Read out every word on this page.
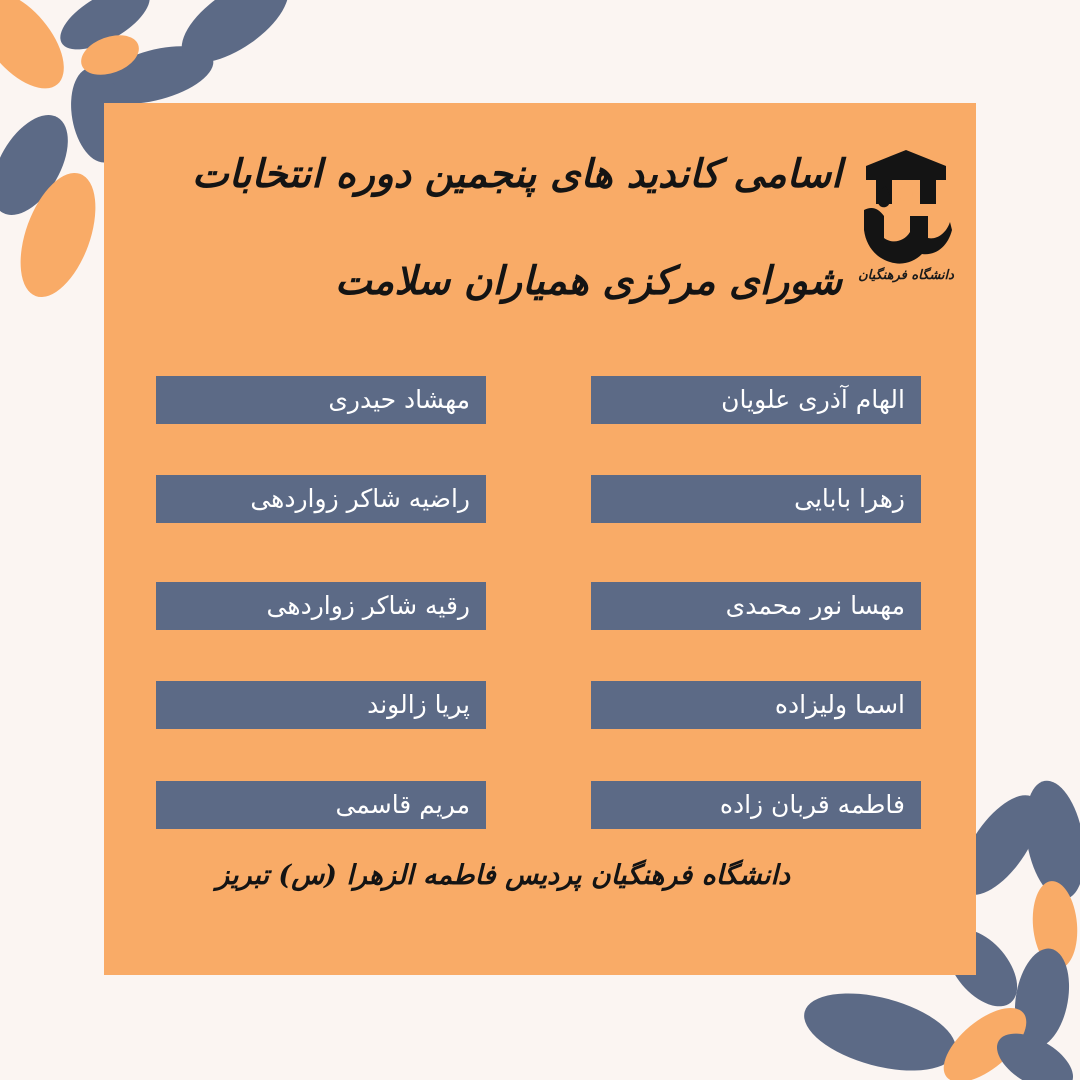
اسامی کاندید های پنجمین دوره انتخابات
شورای مرکزی همیاران سلامت	دانشگاه فرهنگیان
الهام آذری علویان
زهرا بابایی
مهسا نور محمدی
اسما ولیزاده
فاطمه قربان زاده
مهشاد حیدری
راضیه شاکر زواردهی
رقیه شاکر زواردهی
پریا زالوند
مریم قاسمی
دانشگاه فرهنگیان پردیس فاطمه الزهرا (س) تبریز
